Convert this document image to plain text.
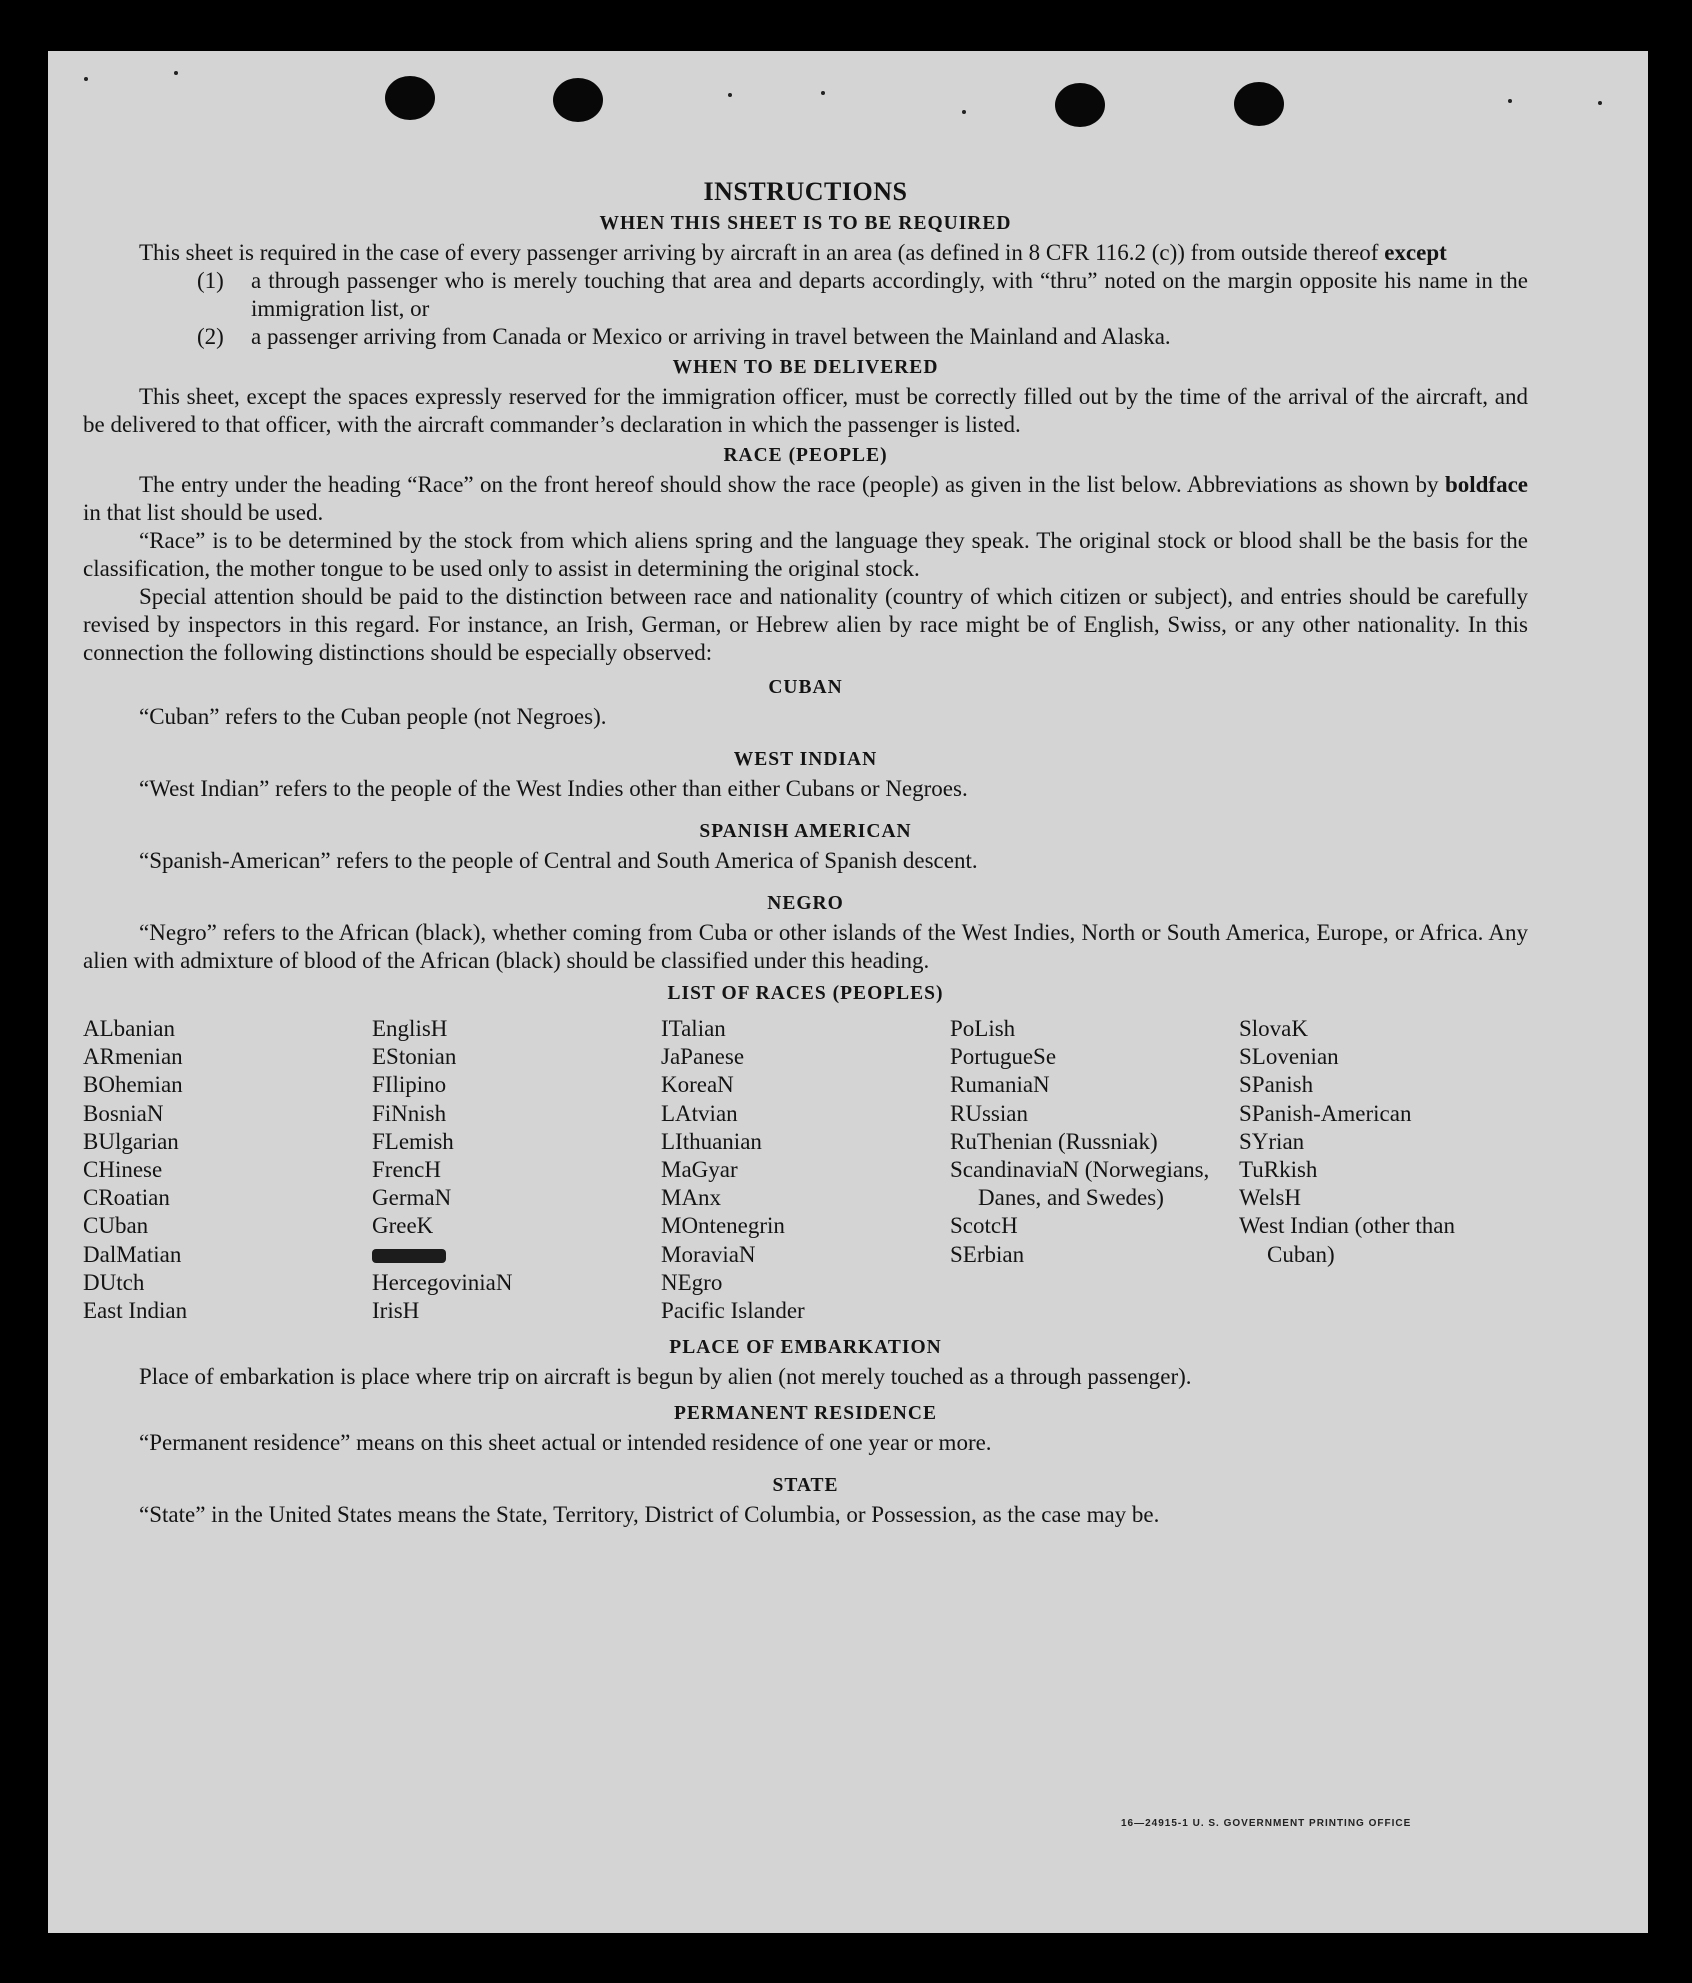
INSTRUCTIONS
WHEN THIS SHEET IS TO BE REQUIRED

This sheet is required in the case of every passenger arriving by aircraft in an area (as defined in 8 CFR 116.2 (c)) from outside thereof except

(1)	a through passenger who is merely touching that area and departs accordingly, with “thru” noted on the margin opposite his name in the immigration list, or
(2)	a passenger arriving from Canada or Mexico or arriving in travel between the Mainland and Alaska.
WHEN TO BE DELIVERED

This sheet, except the spaces expressly reserved for the immigration officer, must be correctly filled out by the time of the arrival of the aircraft, and be delivered to that officer, with the aircraft commander’s declaration in which the passenger is listed.

RACE (PEOPLE)

The entry under the heading “Race” on the front hereof should show the race (people) as given in the list below. Abbreviations as shown by boldface in that list should be used.

“Race” is to be determined by the stock from which aliens spring and the language they speak. The original stock or blood shall be the basis for the classification, the mother tongue to be used only to assist in determining the original stock.

Special attention should be paid to the distinction between race and nationality (country of which citizen or subject), and entries should be carefully revised by inspectors in this regard. For instance, an Irish, German, or Hebrew alien by race might be of English, Swiss, or any other nationality. In this connection the following distinctions should be especially observed:

CUBAN

“Cuban” refers to the Cuban people (not Negroes).

WEST INDIAN

“West Indian” refers to the people of the West Indies other than either Cubans or Negroes.

SPANISH AMERICAN

“Spanish-American” refers to the people of Central and South America of Spanish descent.

NEGRO

“Negro” refers to the African (black), whether coming from Cuba or other islands of the West Indies, North or South America, Europe, or Africa. Any alien with admixture of blood of the African (black) should be classified under this heading.

LIST OF RACES (PEOPLES)
ALbanian
ARmenian
BOhemian
BosniaN
BUlgarian
CHinese
CRoatian
CUban
DalMatian
DUtch
East Indian
EnglisH
EStonian
FIlipino
FiNnish
FLemish
FrencH
GermaN
GreeK
HercegoviniaN
IrisH
ITalian
JaPanese
KoreaN
LAtvian
LIthuanian
MaGyar
MAnx
MOntenegrin
MoraviaN
NEgro
Pacific Islander
PoLish
PortugueSe
RumaniaN
RUssian
RuThenian (Russniak)
ScandinaviaN (Norwegians, Danes, and Swedes)
ScotcH
SErbian
SlovaK
SLovenian
SPanish
SPanish-American
SYrian
TuRkish
WelsH
West Indian (other than Cuban)
PLACE OF EMBARKATION

Place of embarkation is place where trip on aircraft is begun by alien (not merely touched as a through passenger).

PERMANENT RESIDENCE

“Permanent residence” means on this sheet actual or intended residence of one year or more.

STATE

“State” in the United States means the State, Territory, District of Columbia, or Possession, as the case may be.

16—24915-1 U. S. GOVERNMENT PRINTING OFFICE
